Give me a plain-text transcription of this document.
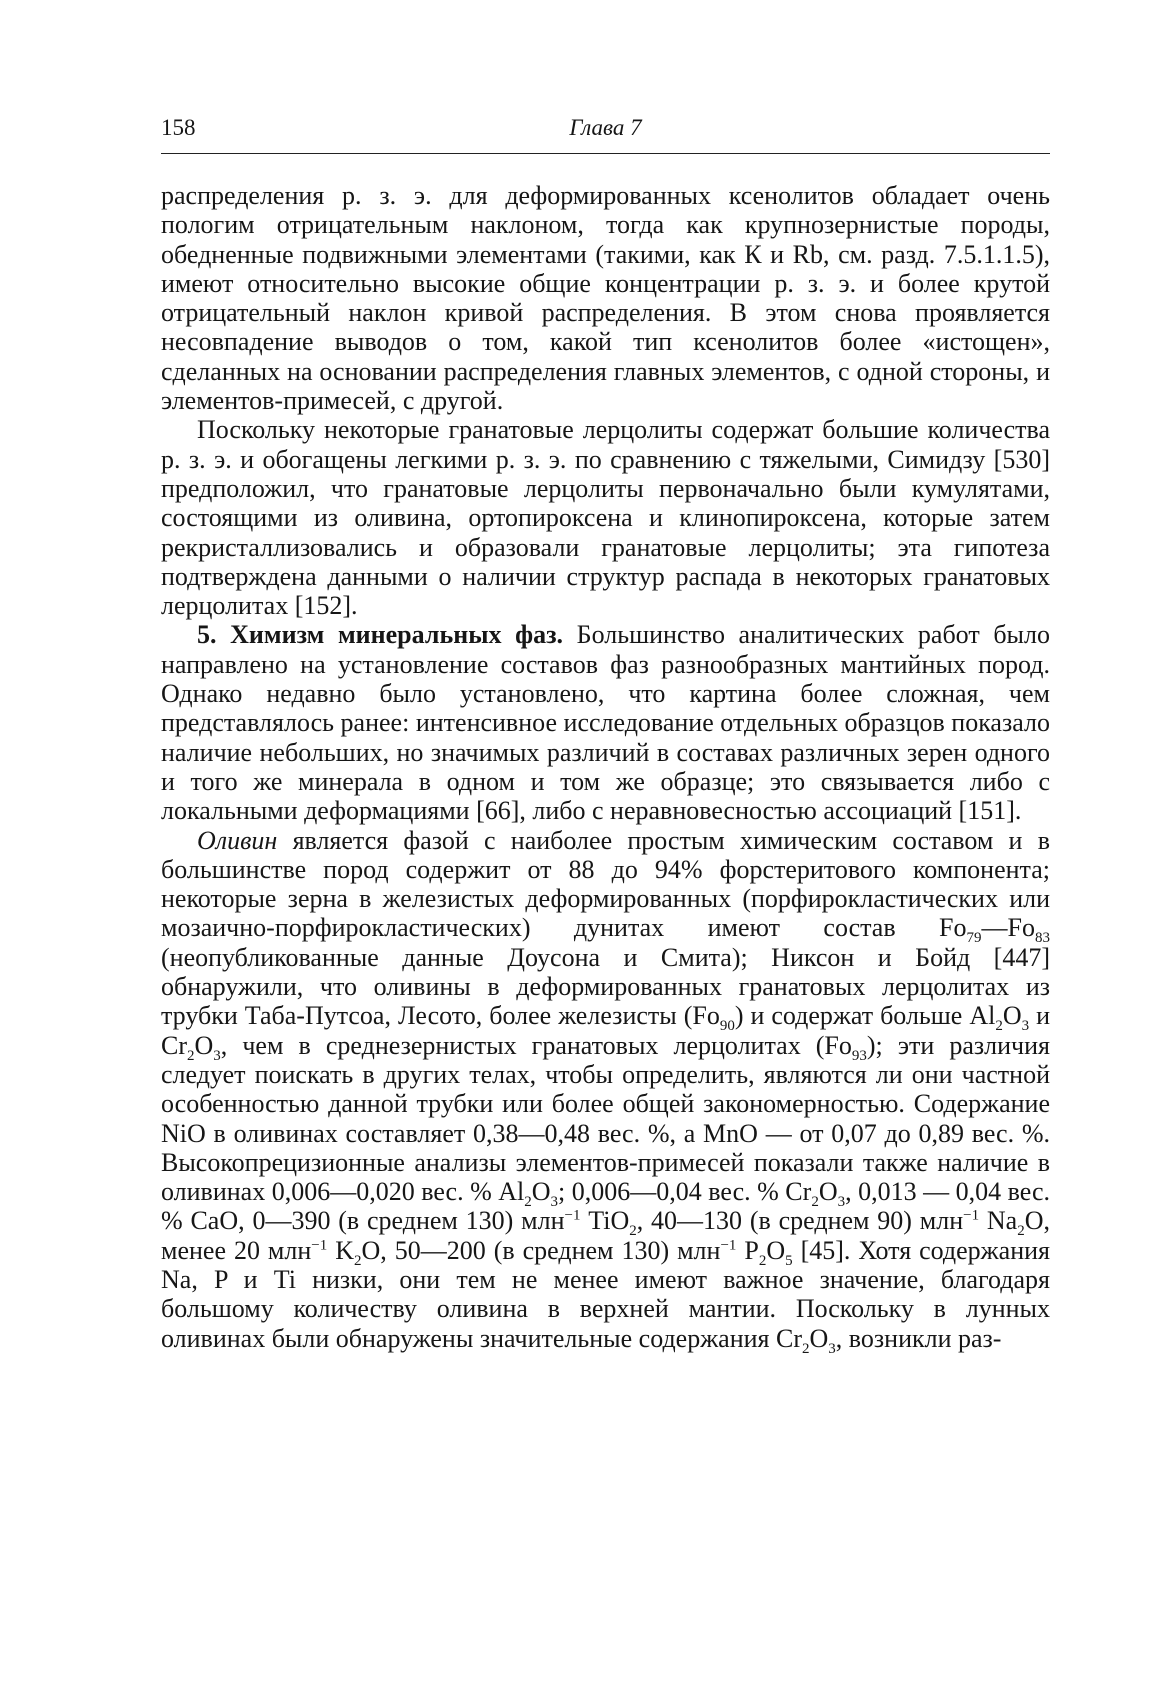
158	Глава 7

распределения р. з. э. для деформированных ксенолитов обладает очень пологим отрицательным наклоном, тогда как крупнозернистые породы, обедненные подвижными элементами (такими, как К и Rb, см. разд. 7.5.1.1.5), имеют относительно высокие общие концентрации р. з. э. и более крутой отрицательный наклон кривой распределения. В этом снова проявляется несовпадение выводов о том, какой тип ксенолитов более «истощен», сделанных на основании распределения главных элементов, с одной стороны, и элементов-примесей, с другой.

Поскольку некоторые гранатовые лерцолиты содержат большие количества р. з. э. и обогащены легкими р. з. э. по сравнению с тяжелыми, Симидзу [530] предположил, что гранатовые лерцолиты первоначально были кумулятами, состоящими из оливина, ортопироксена и клинопироксена, которые затем рекристаллизовались и образовали гранатовые лерцолиты; эта гипотеза подтверждена данными о наличии структур распада в некоторых гранатовых лерцолитах [152].

5. Химизм минеральных фаз. Большинство аналитических работ было направлено на установление составов фаз разнообразных мантийных пород. Однако недавно было установлено, что картина более сложная, чем представлялось ранее: интенсивное исследование отдельных образцов показало наличие небольших, но значимых различий в составах различных зерен одного и того же минерала в одном и том же образце; это связывается либо с локальными деформациями [66], либо с неравновесностью ассоциаций [151].

Оливин является фазой с наиболее простым химическим составом и в большинстве пород содержит от 88 до 94% форстеритового компонента; некоторые зерна в железистых деформированных (порфирокластических или мозаично-порфирокластических) дунитах имеют состав $Fo_{79}—Fo_{83}$ (неопубликованные данные Доусона и Смита); Никсон и Бойд [447] обнаружили, что оливины в деформированных гранатовых лерцолитах из трубки Таба-Путсоа, Лесото, более железисты $(Fo_{90})$ и содержат больше $Al_2O_3$ и $Cr_2O_3$, чем в среднезернистых гранатовых лерцолитах $(Fo_{93})$; эти различия следует поискать в других телах, чтобы определить, являются ли они частной особенностью данной трубки или более общей закономерностью. Содержание NiO в оливинах составляет 0,38—0,48 вес. %, а MnO — от 0,07 до 0,89 вес. %. Высокопрецизионные анализы элементов-примесей показали также наличие в оливинах 0,006—0,020 вес. % $Al_2O_3$; 0,006—0,04 вес. % $Cr_2O_3$, 0,013 — 0,04 вес. % CaO, 0—390 (в среднем 130) млн$^{-1}$ TiO$_2$, 40—130 (в среднем 90) млн$^{-1}$ $Na_2O$, менее 20 млн$^{-1}$ $K_2O$, 50—200 (в среднем 130) млн$^{-1}$ $P_2O_5$ [45]. Хотя содержания Na, P и Ti низки, они тем не менее имеют важное значение, благодаря большому количеству оливина в верхней мантии. Поскольку в лунных оливинах были обнаружены значительные содержания $Cr_2O_3$, возникли раз-
